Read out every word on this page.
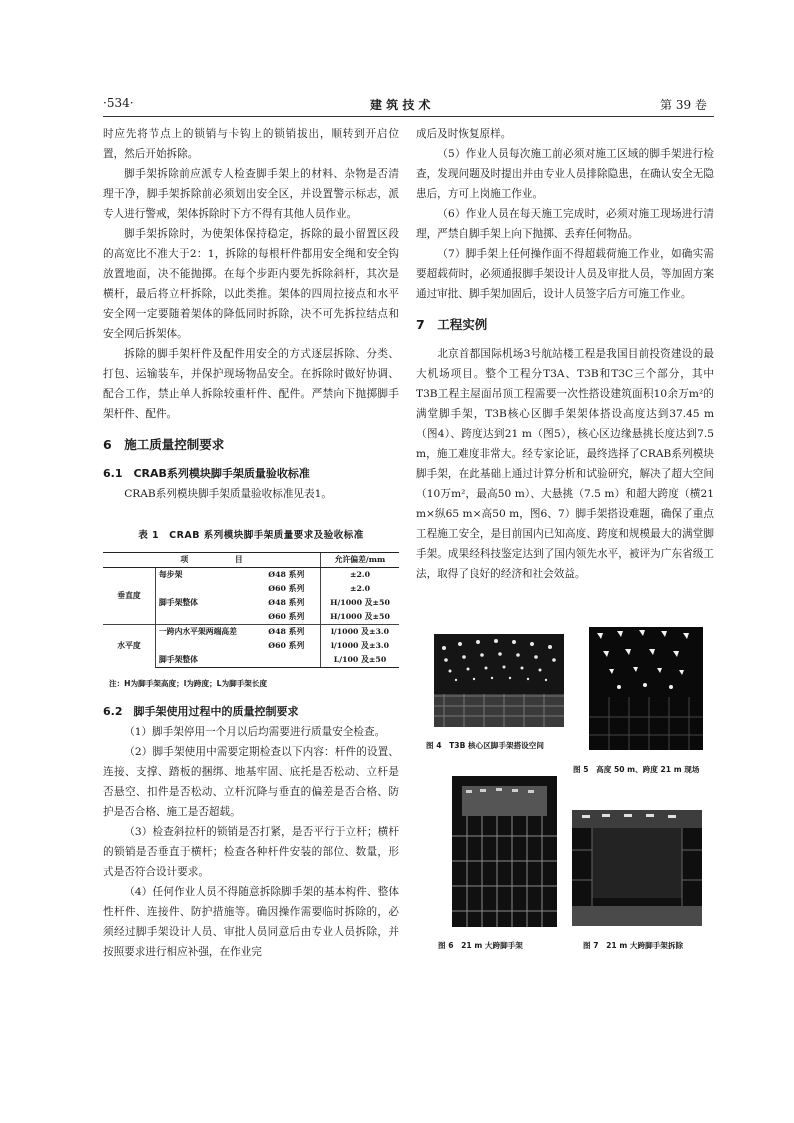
·534·	建 筑 技 术	第 39 卷

时应先将节点上的锁销与卡钩上的锁销拔出，顺转到开启位置，然后开始拆除。

脚手架拆除前应派专人检查脚手架上的材料、杂物是否清理干净，脚手架拆除前必须划出安全区，并设置警示标志，派专人进行警戒，架体拆除时下方不得有其他人员作业。

脚手架拆除时，为使架体保持稳定，拆除的最小留置区段的高宽比不准大于2：1，拆除的每根杆件都用安全绳和安全钩放置地面，决不能抛掷。在每个步距内要先拆除斜杆，其次是横杆，最后将立杆拆除，以此类推。架体的四周拉接点和水平安全网一定要随着架体的降低同时拆除，决不可先拆拉结点和安全网后拆架体。

拆除的脚手架杆件及配件用安全的方式逐层拆除、分类、打包、运输装车，并保护现场物品安全。在拆除时做好协调、配合工作，禁止单人拆除较重杆件、配件。严禁向下抛掷脚手架杆件、配件。

6　施工质量控制要求
6.1　CRAB系列模块脚手架质量验收标准

CRAB系列模块脚手架质量验收标准见表1。

表 1　CRAB 系列模块脚手架质量要求及验收标准
项　　　　　　目			允许偏差/mm
垂直度	每步架	Ø48 系列	±2.0
		Ø60 系列	±2.0
	脚手架整体	Ø48 系列	H/1000 及±50
		Ø60 系列	H/1000 及±50
水平度	一跨内水平架两端高差	Ø48 系列	l/1000 及±3.0
		Ø60 系列	l/1000 及±3.0
	脚手架整体		L/100 及±50
注：H为脚手架高度；l为跨度；L为脚手架长度
6.2　脚手架使用过程中的质量控制要求

（1）脚手架停用一个月以后均需要进行质量安全检查。

（2）脚手架使用中需要定期检查以下内容：杆件的设置、连接、支撑、踏板的捆绑、地基牢固、底托是否松动、立杆是否悬空、扣件是否松动、立杆沉降与垂直的偏差是否合格、防护是否合格、施工是否超载。

（3）检查斜拉杆的锁销是否打紧，是否平行于立杆；横杆的锁销是否垂直于横杆；检查各种杆件安装的部位、数量，形式是否符合设计要求。

（4）任何作业人员不得随意拆除脚手架的基本构件、整体性杆件、连接件、防护措施等。确因操作需要临时拆除的，必须经过脚手架设计人员、审批人员同意后由专业人员拆除，并按照要求进行相应补强，在作业完

成后及时恢复原样。

（5）作业人员每次施工前必须对施工区域的脚手架进行检查，发现问题及时提出并由专业人员排除隐患，在确认安全无隐患后，方可上岗施工作业。

（6）作业人员在每天施工完成时，必须对施工现场进行清理，严禁自脚手架上向下抛掷、丢弃任何物品。

（7）脚手架上任何操作面不得超载荷施工作业，如确实需要超载荷时，必须通报脚手架设计人员及审批人员，等加固方案通过审批、脚手架加固后，设计人员签字后方可施工作业。

7　工程实例

北京首都国际机场3号航站楼工程是我国目前投资建设的最大机场项目。整个工程分T3A、T3B和T3C三个部分，其中T3B工程主屋面吊顶工程需要一次性搭设建筑面积10余万m²的满堂脚手架，T3B核心区脚手架架体搭设高度达到37.45 m（图4）、跨度达到21 m（图5），核心区边缘悬挑长度达到7.5 m，施工难度非常大。经专家论证，最终选择了CRAB系列模块脚手架，在此基础上通过计算分析和试验研究，解决了超大空间（10万m²，最高50 m）、大悬挑（7.5 m）和超大跨度（横21 m×纵65 m×高50 m，图6、7）脚手架搭设难题，确保了重点工程施工安全，是目前国内已知高度、跨度和规模最大的满堂脚手架。成果经科技鉴定达到了国内领先水平，被评为广东省级工法，取得了良好的经济和社会效益。

图 4　T3B 核心区脚手架搭设空间
图 5　高度 50 m、跨度 21 m 现场
图 6　21 m 大跨脚手架	图 7　21 m 大跨脚手架拆除
